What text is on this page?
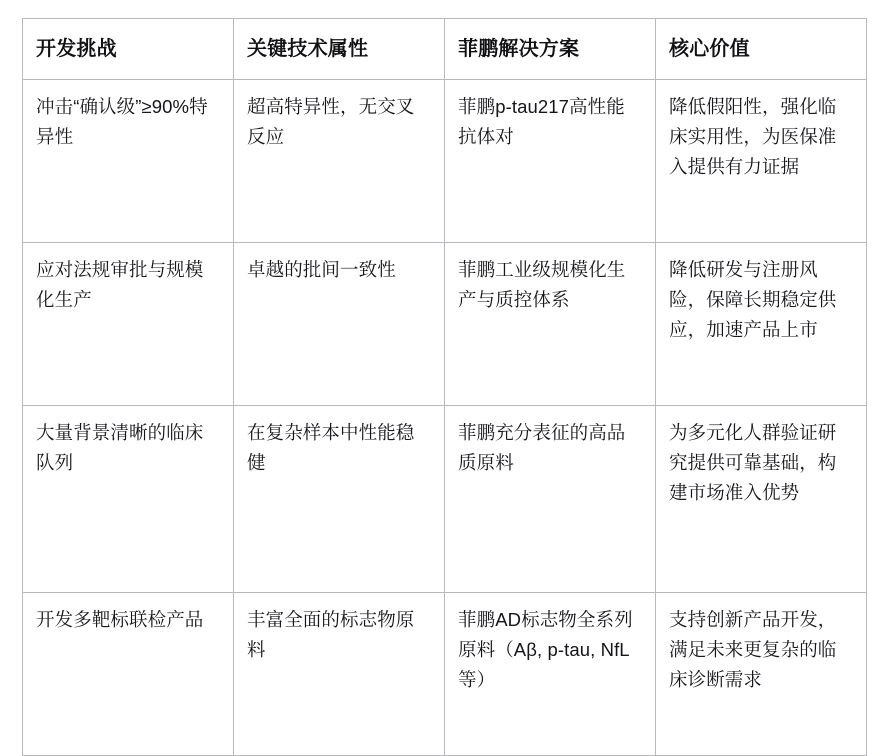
开发挑战	关键技术属性	菲鹏解决方案	核心价值
冲击“确认级”≥90%特异性	超高特异性，无交叉反应	菲鹏p-tau217高性能抗体对	降低假阳性，强化临床实用性，为医保准入提供有力证据
应对法规审批与规模化生产	卓越的批间一致性	菲鹏工业级规模化生产与质控体系	降低研发与注册风险，保障长期稳定供应，加速产品上市
大量背景清晰的临床队列	在复杂样本中性能稳健	菲鹏充分表征的高品质原料	为多元化人群验证研究提供可靠基础，构建市场准入优势
开发多靶标联检产品	丰富全面的标志物原料	菲鹏AD标志物全系列原料（Aβ, p-tau, NfL等）	支持创新产品开发，满足未来更复杂的临床诊断需求
